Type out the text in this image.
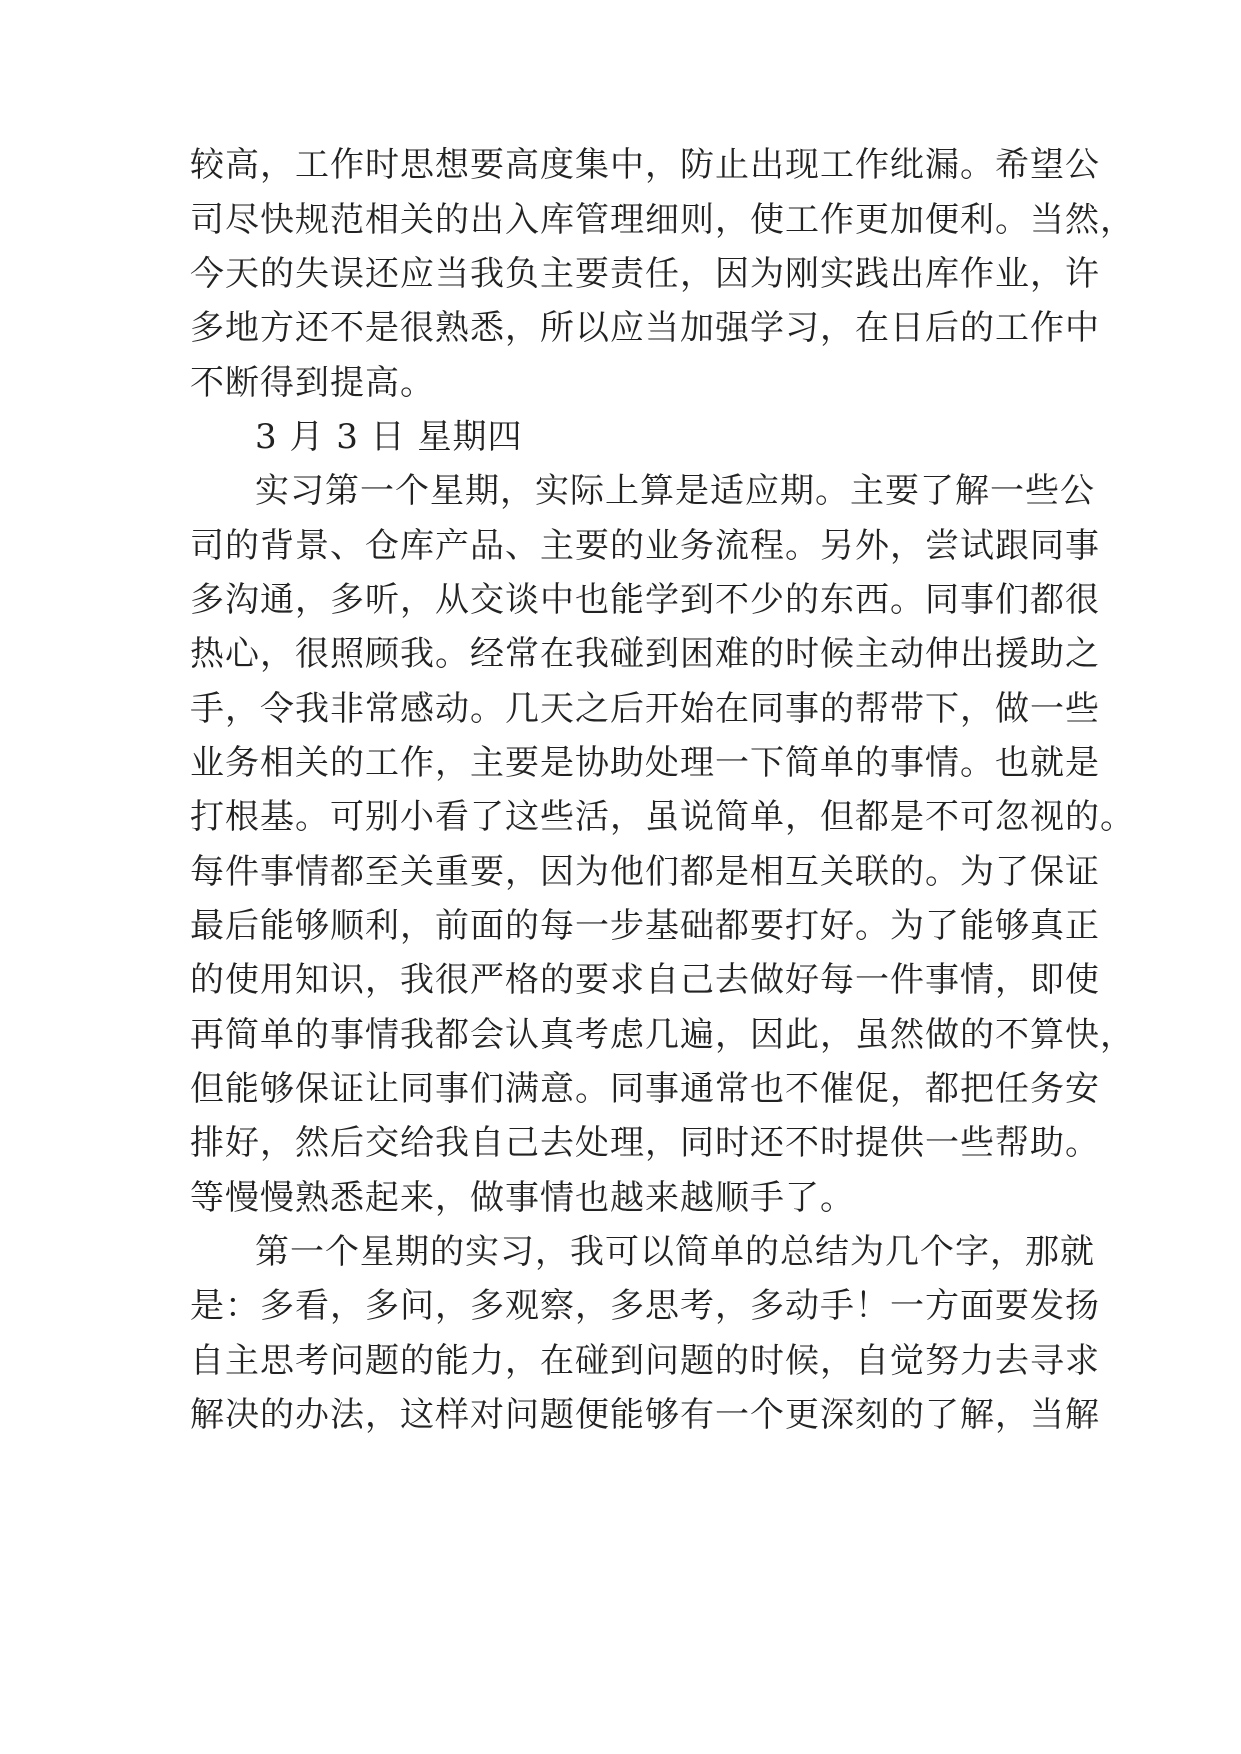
较高，工作时思想要高度集中，防止出现工作纰漏。希望公
司尽快规范相关的出入库管理细则，使工作更加便利。当然，
今天的失误还应当我负主要责任，因为刚实践出库作业，许
多地方还不是很熟悉，所以应当加强学习，在日后的工作中
不断得到提高。
3 月 3 日 星期四
实习第一个星期，实际上算是适应期。主要了解一些公
司的背景、仓库产品、主要的业务流程。另外，尝试跟同事
多沟通，多听，从交谈中也能学到不少的东西。同事们都很
热心，很照顾我。经常在我碰到困难的时候主动伸出援助之
手，令我非常感动。几天之后开始在同事的帮带下，做一些
业务相关的工作，主要是协助处理一下简单的事情。也就是
打根基。可别小看了这些活，虽说简单，但都是不可忽视的。
每件事情都至关重要，因为他们都是相互关联的。为了保证
最后能够顺利，前面的每一步基础都要打好。为了能够真正
的使用知识，我很严格的要求自己去做好每一件事情，即使
再简单的事情我都会认真考虑几遍，因此，虽然做的不算快，
但能够保证让同事们满意。同事通常也不催促，都把任务安
排好，然后交给我自己去处理，同时还不时提供一些帮助。
等慢慢熟悉起来，做事情也越来越顺手了。
第一个星期的实习，我可以简单的总结为几个字，那就
是：多看，多问，多观察，多思考，多动手！一方面要发扬
自主思考问题的能力，在碰到问题的时候，自觉努力去寻求
解决的办法，这样对问题便能够有一个更深刻的了解，当解
